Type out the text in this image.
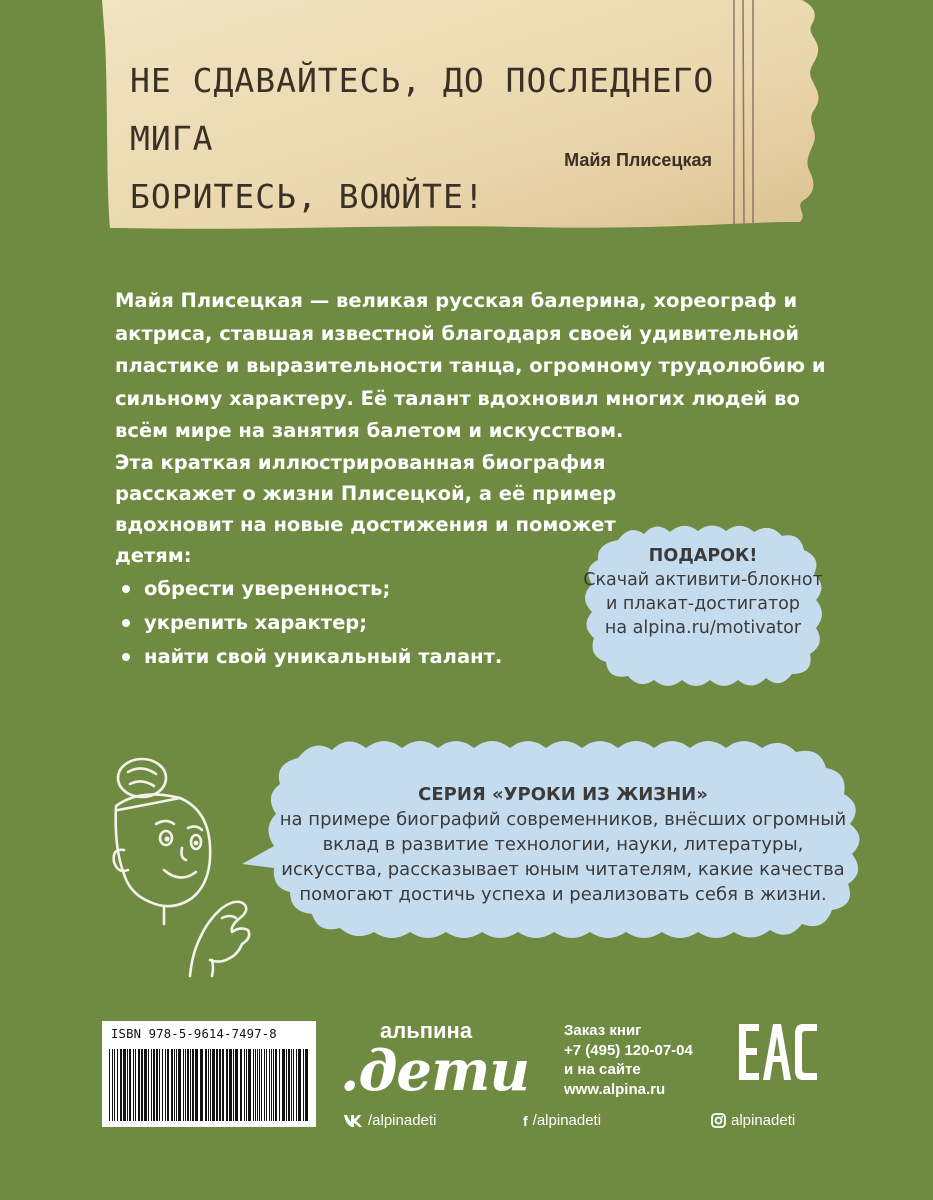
НЕ СДАВАЙТЕСЬ, ДО ПОСЛЕДНЕГО МИГА
БОРИТЕСЬ, ВОЮЙТЕ!
Майя Плисецкая

Майя Плисецкая — великая русская балерина, хореограф и актриса, ставшая известной благодаря своей удивительной пластике и выразительности танца, огромному трудолюбию и сильному характеру. Её талант вдохновил многих людей во всём мире на занятия балетом и искусством.

Эта краткая иллюстрированная биография расскажет о жизни Плисецкой, а её пример вдохновит на новые достижения и поможет детям:

обрести уверенность;
укрепить характер;
найти свой уникальный талант.
ПОДАРОК!
Скачай активити-блокнот
и плакат-достигатор
на alpina.ru/motivator
СЕРИЯ «УРОКИ ИЗ ЖИЗНИ»
на примере биографий современников, внёсших огромный вклад в развитие технологии, науки, литературы, искусства, рассказывает юным читателям, какие качества помогают достичь успеха и реализовать себя в жизни.
ISBN 978-5-9614-7497-8	альпина
.дети
Заказ книг
+7 (495) 120-07-04
и на сайте
www.alpina.ru
/alpinadeti	f /alpinadeti	alpinadeti
